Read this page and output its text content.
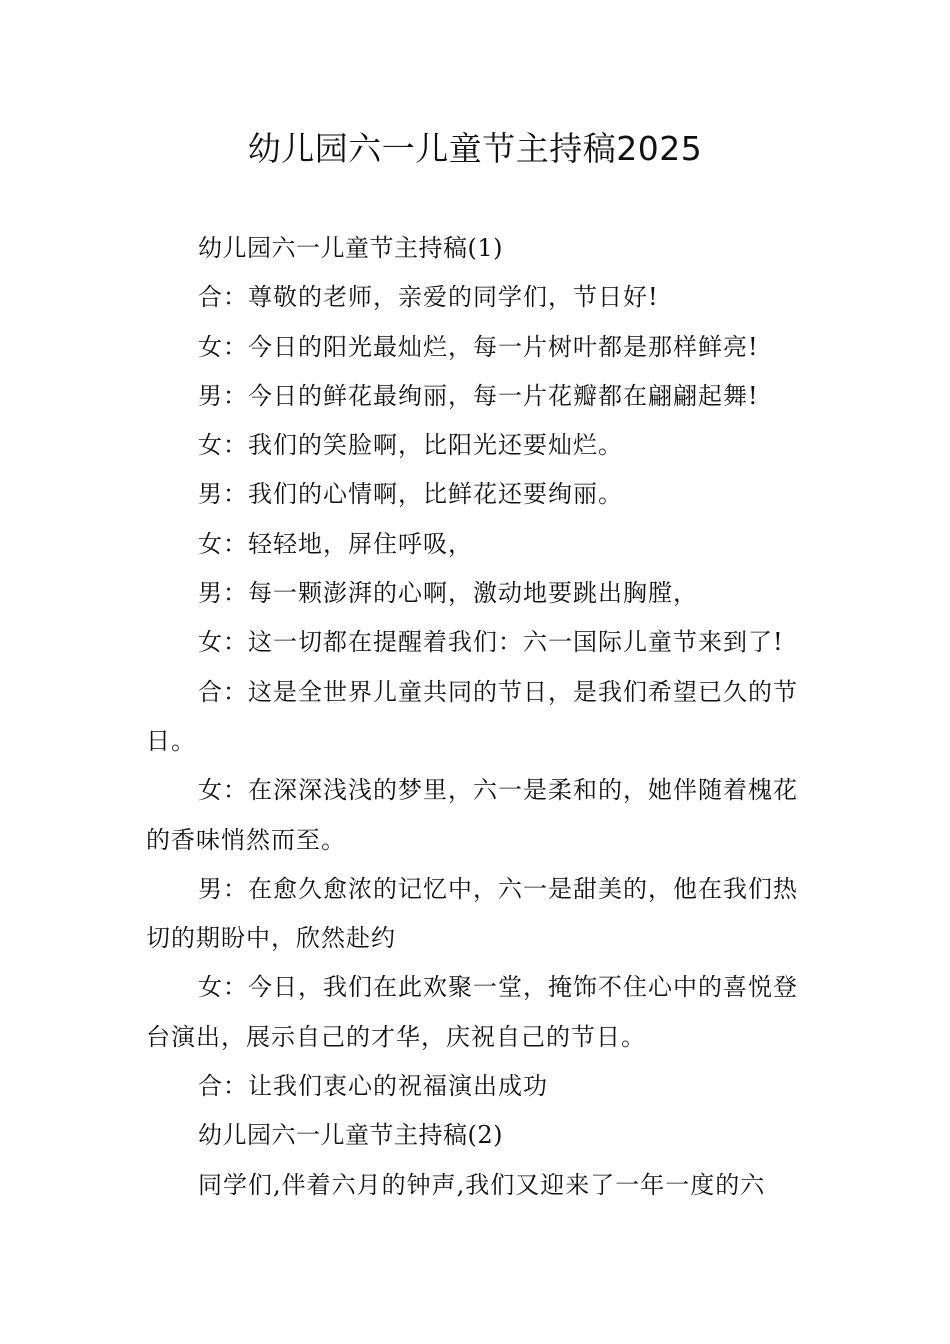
幼儿园六一儿童节主持稿2025

幼儿园六一儿童节主持稿(1)

合：尊敬的老师，亲爱的同学们，节日好!

女：今日的阳光最灿烂，每一片树叶都是那样鲜亮!

男：今日的鲜花最绚丽，每一片花瓣都在翩翩起舞!

女：我们的笑脸啊，比阳光还要灿烂。

男：我们的心情啊，比鲜花还要绚丽。

女：轻轻地，屏住呼吸，

男：每一颗澎湃的心啊，激动地要跳出胸膛，

女：这一切都在提醒着我们：六一国际儿童节来到了!

合：这是全世界儿童共同的节日，是我们希望已久的节日。

女：在深深浅浅的梦里，六一是柔和的，她伴随着槐花的香味悄然而至。

男：在愈久愈浓的记忆中，六一是甜美的，他在我们热切的期盼中，欣然赴约

女：今日，我们在此欢聚一堂，掩饰不住心中的喜悦登台演出，展示自己的才华，庆祝自己的节日。

合：让我们衷心的祝福演出成功

幼儿园六一儿童节主持稿(2)

同学们,伴着六月的钟声,我们又迎来了一年一度的六
